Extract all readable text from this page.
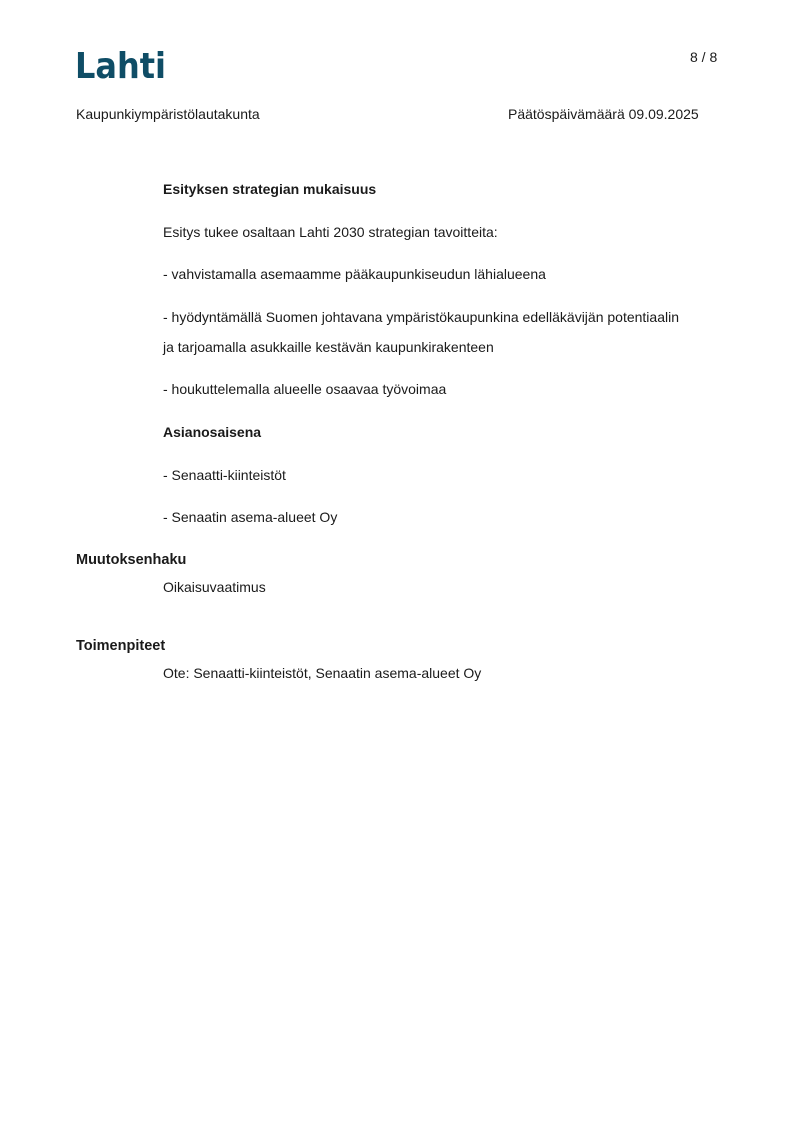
Lahti	8 / 8
Kaupunkiympäristölautakunta	Päätöspäivämäärä 09.09.2025
Esityksen strategian mukaisuus
Esitys tukee osaltaan Lahti 2030 strategian tavoitteita:
- vahvistamalla asemaamme pääkaupunkiseudun lähialueena
- hyödyntämällä Suomen johtavana ympäristökaupunkina edelläkävijän potentiaalin
ja tarjoamalla asukkaille kestävän kaupunkirakenteen
- houkuttelemalla alueelle osaavaa työvoimaa
Asianosaisena
- Senaatti-kiinteistöt
- Senaatin asema-alueet Oy
Muutoksenhaku
Oikaisuvaatimus
Toimenpiteet
Ote: Senaatti-kiinteistöt, Senaatin asema-alueet Oy
